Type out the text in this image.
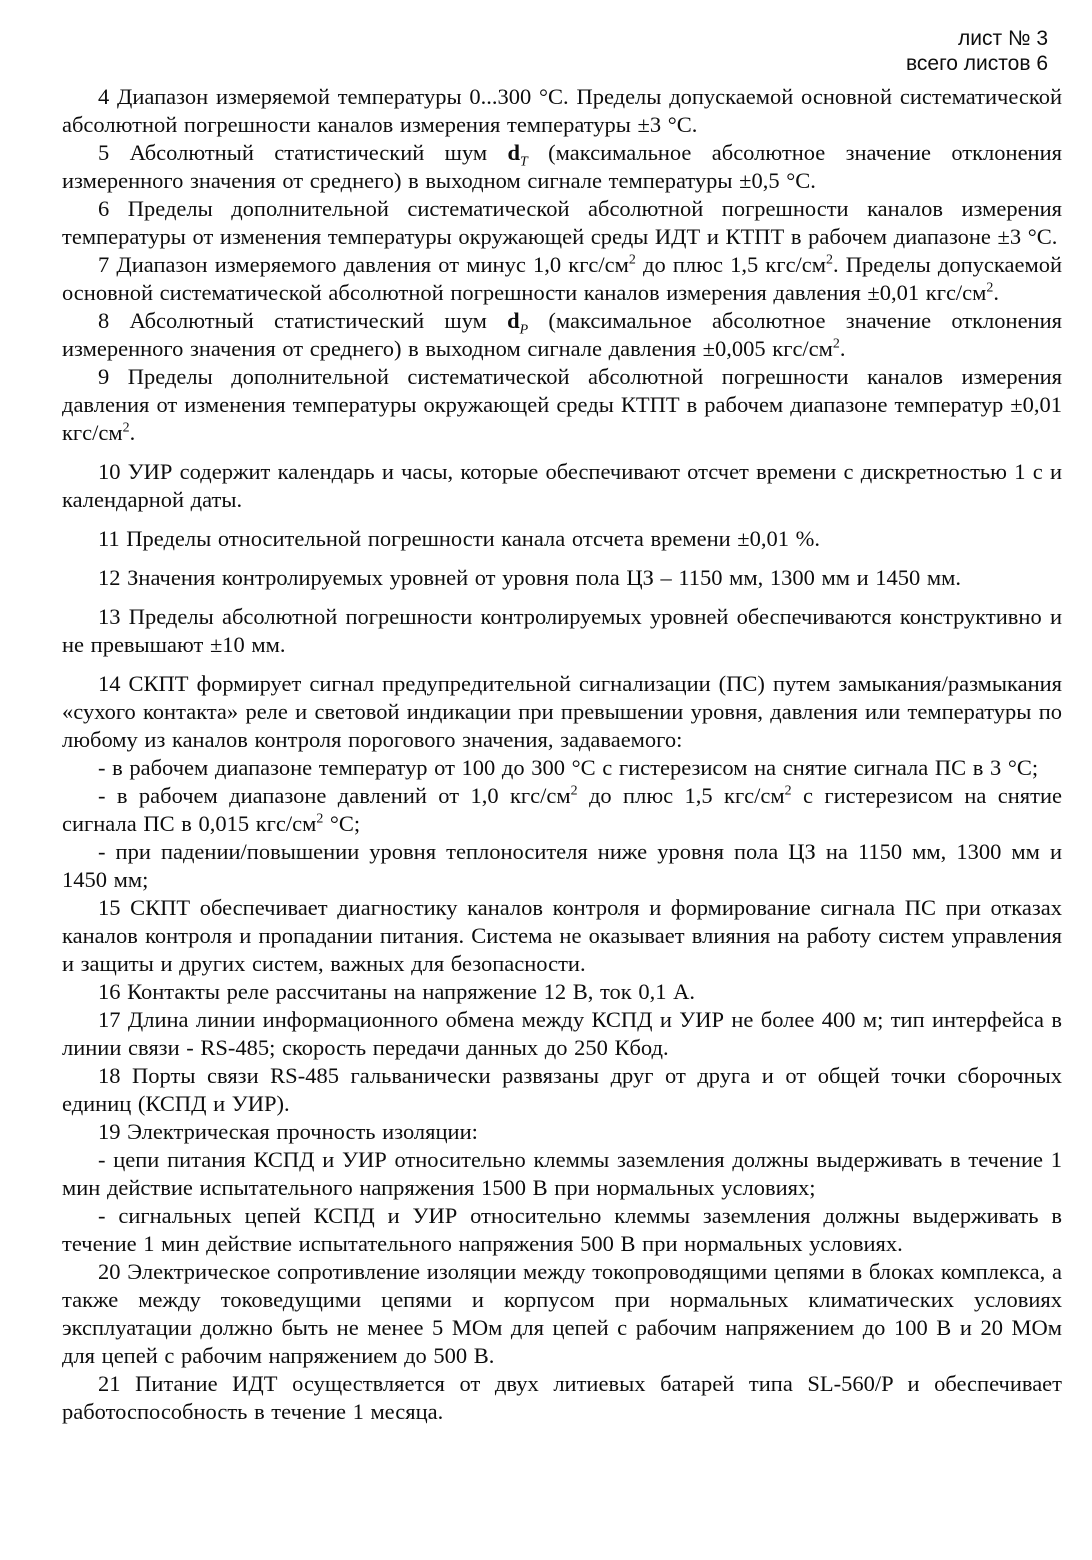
лист № 3
всего листов 6

4 Диапазон измеряемой температуры 0...300 °С. Пределы допускаемой основной систематической абсолютной погрешности каналов измерения температуры ±3 °С.

5 Абсолютный статистический шум $d_T$ (максимальное абсолютное значение отклонения измеренного значения от среднего) в выходном сигнале температуры ±0,5 °С.

6 Пределы дополнительной систематической абсолютной погрешности каналов измерения температуры от изменения температуры окружающей среды ИДТ и КТПТ в рабочем диапазоне ±3 °С.

7 Диапазон измеряемого давления от минус 1,0 кгс/$см^2$ до плюс 1,5 кгс/$см^2$. Пределы допускаемой основной систематической абсолютной погрешности каналов измерения давления ±0,01 кгс/$см^2$.

8 Абсолютный статистический шум $d_P$ (максимальное абсолютное значение отклонения измеренного значения от среднего) в выходном сигнале давления ±0,005 кгс/$см^2$.

9 Пределы дополнительной систематической абсолютной погрешности каналов измерения давления от изменения температуры окружающей среды КТПТ в рабочем диапазоне температур ±0,01 кгс/$см^2$.

10 УИР содержит календарь и часы, которые обеспечивают отсчет времени с дискретностью 1 с и календарной даты.

11 Пределы относительной погрешности канала отсчета времени ±0,01 %.

12 Значения контролируемых уровней от уровня пола ЦЗ – 1150 мм, 1300 мм и 1450 мм.

13 Пределы абсолютной погрешности контролируемых уровней обеспечиваются конструктивно и не превышают ±10 мм.

14 СКПТ формирует сигнал предупредительной сигнализации (ПС) путем замыкания/размыкания «сухого контакта» реле и световой индикации при превышении уровня, давления или температуры по любому из каналов контроля порогового значения, задаваемого:

- в рабочем диапазоне температур от 100 до 300 °С с гистерезисом на снятие сигнала ПС в 3 °С;

- в рабочем диапазоне давлений от 1,0 кгс/$см^2$ до плюс 1,5 кгс/$см^2$ с гистерезисом на снятие сигнала ПС в 0,015 кгс/$см^2$ °С;

- при падении/повышении уровня теплоносителя ниже уровня пола ЦЗ на 1150 мм, 1300 мм и 1450 мм;

15 СКПТ обеспечивает диагностику каналов контроля и формирование сигнала ПС при отказах каналов контроля и пропадании питания. Система не оказывает влияния на работу систем управления и защиты и других систем, важных для безопасности.

16 Контакты реле рассчитаны на напряжение 12 В, ток 0,1 А.

17 Длина линии информационного обмена между КСПД и УИР не более 400 м; тип интерфейса в линии связи - RS-485; скорость передачи данных до 250 Кбод.

18 Порты связи RS-485 гальванически развязаны друг от друга и от общей точки сборочных единиц (КСПД и УИР).

19 Электрическая прочность изоляции:

- цепи питания КСПД и УИР относительно клеммы заземления должны выдерживать в течение 1 мин действие испытательного напряжения 1500 В при нормальных условиях;

- сигнальных цепей КСПД и УИР относительно клеммы заземления должны выдерживать в течение 1 мин действие испытательного напряжения 500 В при нормальных условиях.

20 Электрическое сопротивление изоляции между токопроводящими цепями в блоках комплекса, а также между токоведущими цепями и корпусом при нормальных климатических условиях эксплуатации должно быть не менее 5 МОм для цепей с рабочим напряжением до 100 В и 20 МОм для цепей с рабочим напряжением до 500 В.

21 Питание ИДТ осуществляется от двух литиевых батарей типа SL-560/P и обеспечивает работоспособность в течение 1 месяца.
